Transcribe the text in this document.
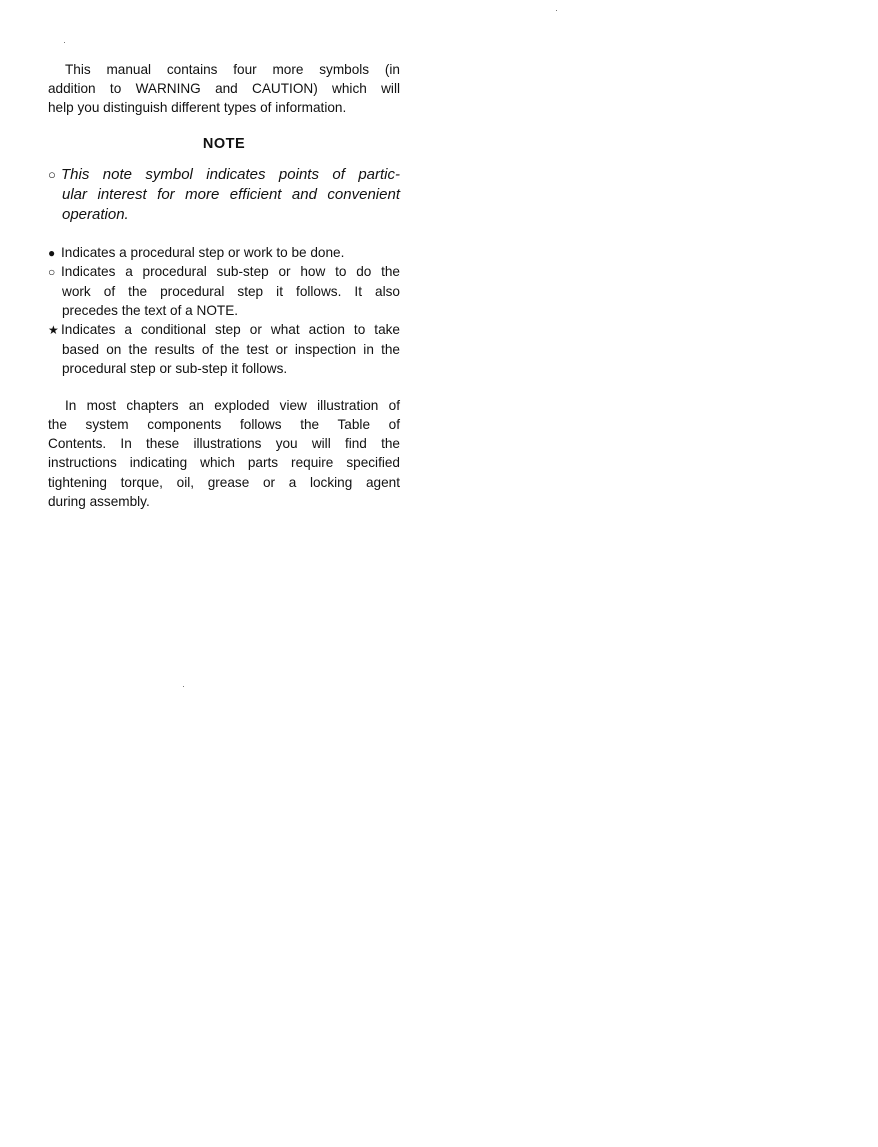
This manual contains four more symbols (in
addition to WARNING and CAUTION) which will
help you distinguish different types of information.
NOTE
○ This note symbol indicates points of partic-
ular interest for more efficient and convenient
operation.
● Indicates a procedural step or work to be done.
○ Indicates a procedural sub-step or how to do the
work of the procedural step it follows. It also
precedes the text of a NOTE.
★ Indicates a conditional step or what action to take
based on the results of the test or inspection in the
procedural step or sub-step it follows.
In most chapters an exploded view illustration of
the system components follows the Table of
Contents. In these illustrations you will find the
instructions indicating which parts require specified
tightening torque, oil, grease or a locking agent
during assembly.
